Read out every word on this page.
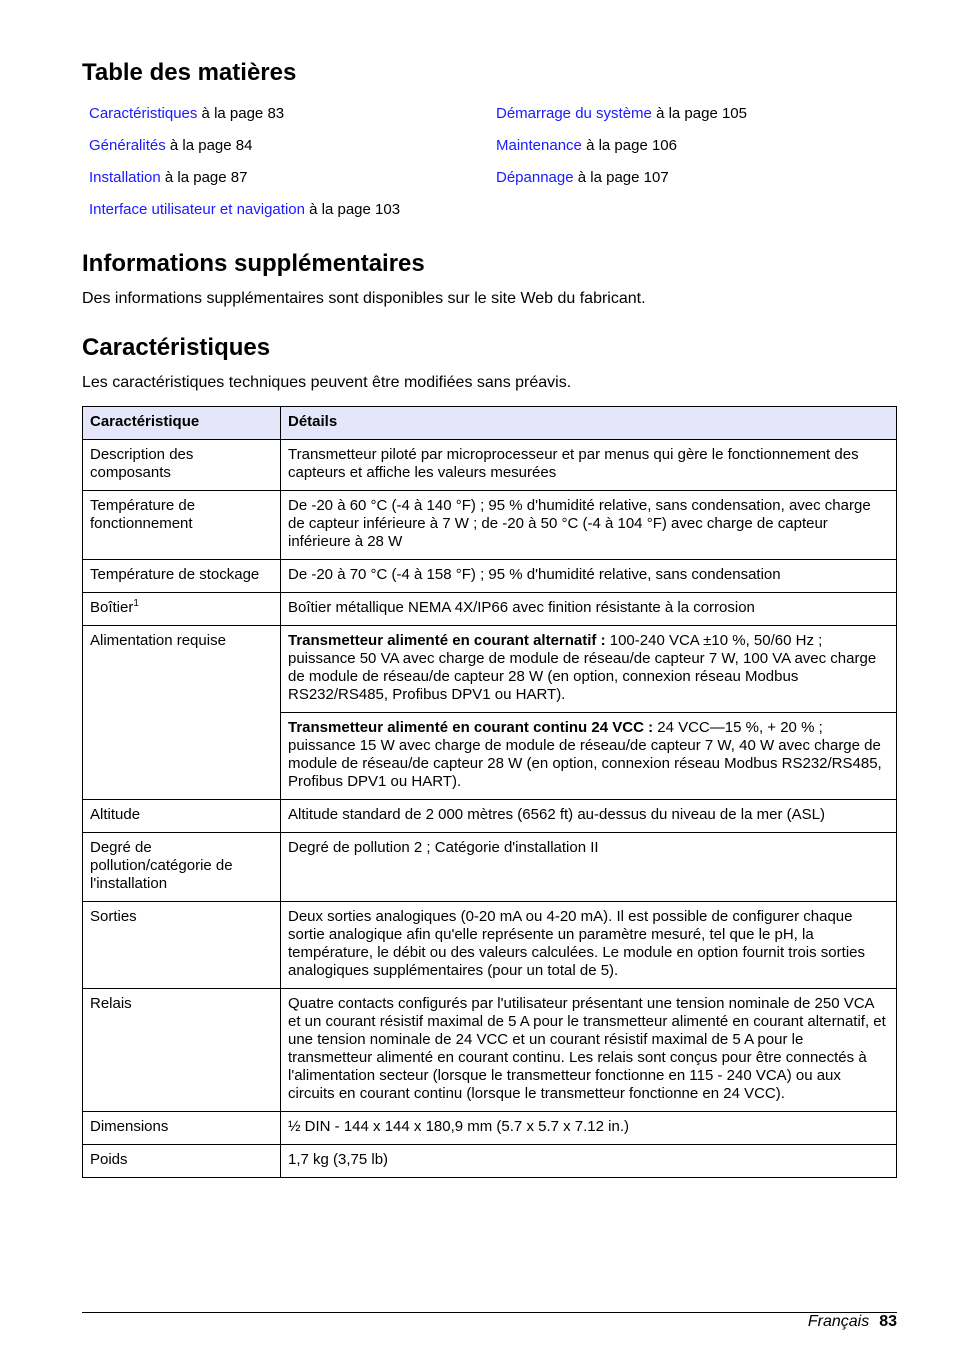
Table des matières
Caractéristiques à la page 83
Généralités à la page 84
Installation à la page 87
Interface utilisateur et navigation à la page 103
Démarrage du système à la page 105
Maintenance à la page 106
Dépannage à la page 107
Informations supplémentaires
Des informations supplémentaires sont disponibles sur le site Web du fabricant.
Caractéristiques
Les caractéristiques techniques peuvent être modifiées sans préavis.
Caractéristique	Détails
Description des composants	Transmetteur piloté par microprocesseur et par menus qui gère le fonctionnement des capteurs et affiche les valeurs mesurées
Température de fonctionnement	De -20 à 60 °C (-4 à 140 °F) ; 95 % d'humidité relative, sans condensation, avec charge de capteur inférieure à 7 W ; de -20 à 50 °C (-4 à 104 °F) avec charge de capteur inférieure à 28 W
Température de stockage	De -20 à 70 °C (-4 à 158 °F) ; 95 % d'humidité relative, sans condensation
Boîtier$^1$	Boîtier métallique NEMA 4X/IP66 avec finition résistante à la corrosion
Alimentation requise	Transmetteur alimenté en courant alternatif : 100-240 VCA ±10 %, 50/60 Hz ; puissance 50 VA avec charge de module de réseau/de capteur 7 W, 100 VA avec charge de module de réseau/de capteur 28 W (en option, connexion réseau Modbus RS232/RS485, Profibus DPV1 ou HART).
	Transmetteur alimenté en courant continu 24 VCC : 24 VCC—15 %, + 20 % ; puissance 15 W avec charge de module de réseau/de capteur 7 W, 40 W avec charge de module de réseau/de capteur 28 W (en option, connexion réseau Modbus RS232/RS485, Profibus DPV1 ou HART).
Altitude	Altitude standard de 2 000 mètres (6562 ft) au-dessus du niveau de la mer (ASL)
Degré de pollution/catégorie de l'installation	Degré de pollution 2 ; Catégorie d'installation II
Sorties	Deux sorties analogiques (0-20 mA ou 4-20 mA). Il est possible de configurer chaque sortie analogique afin qu'elle représente un paramètre mesuré, tel que le pH, la température, le débit ou des valeurs calculées. Le module en option fournit trois sorties analogiques supplémentaires (pour un total de 5).
Relais	Quatre contacts configurés par l'utilisateur présentant une tension nominale de 250 VCA et un courant résistif maximal de 5 A pour le transmetteur alimenté en courant alternatif, et une tension nominale de 24 VCC et un courant résistif maximal de 5 A pour le transmetteur alimenté en courant continu. Les relais sont conçus pour être connectés à l'alimentation secteur (lorsque le transmetteur fonctionne en 115 - 240 VCA) ou aux circuits en courant continu (lorsque le transmetteur fonctionne en 24 VCC).
Dimensions	½ DIN - 144 x 144 x 180,9 mm (5.7 x 5.7 x 7.12 in.)
Poids	1,7 kg (3,75 lb)
Français 83
